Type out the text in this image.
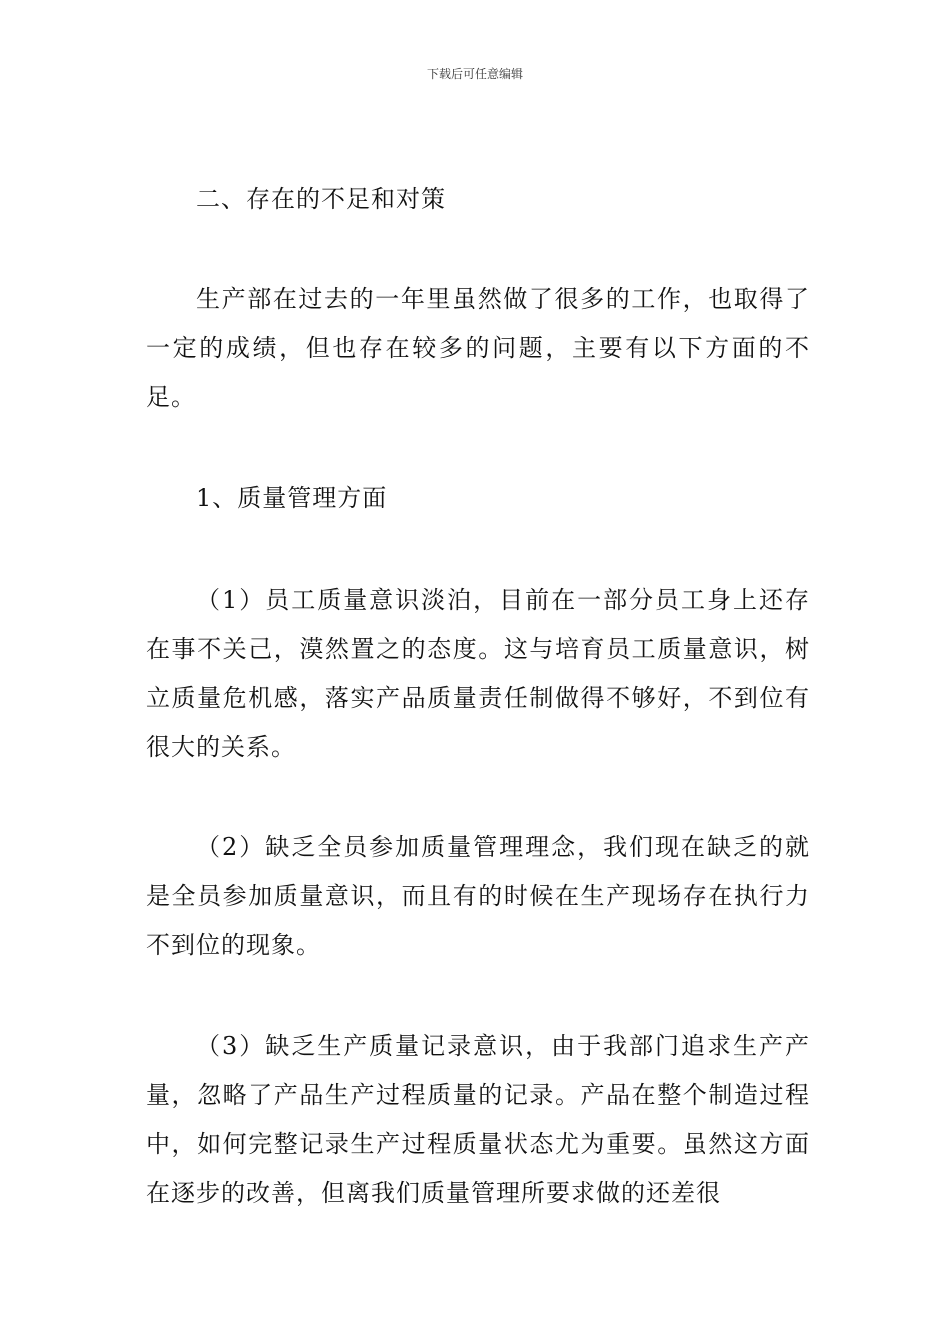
下载后可任意编辑

二、存在的不足和对策

生产部在过去的一年里虽然做了很多的工作，也取得了一定的成绩，但也存在较多的问题，主要有以下方面的不足。

1、质量管理方面

（1）员工质量意识淡泊，目前在一部分员工身上还存在事不关己，漠然置之的态度。这与培育员工质量意识，树立质量危机感，落实产品质量责任制做得不够好，不到位有很大的关系。

（2）缺乏全员参加质量管理理念，我们现在缺乏的就是全员参加质量意识，而且有的时候在生产现场存在执行力不到位的现象。

（3）缺乏生产质量记录意识，由于我部门追求生产产量，忽略了产品生产过程质量的记录。产品在整个制造过程中，如何完整记录生产过程质量状态尤为重要。虽然这方面在逐步的改善，但离我们质量管理所要求做的还差很
